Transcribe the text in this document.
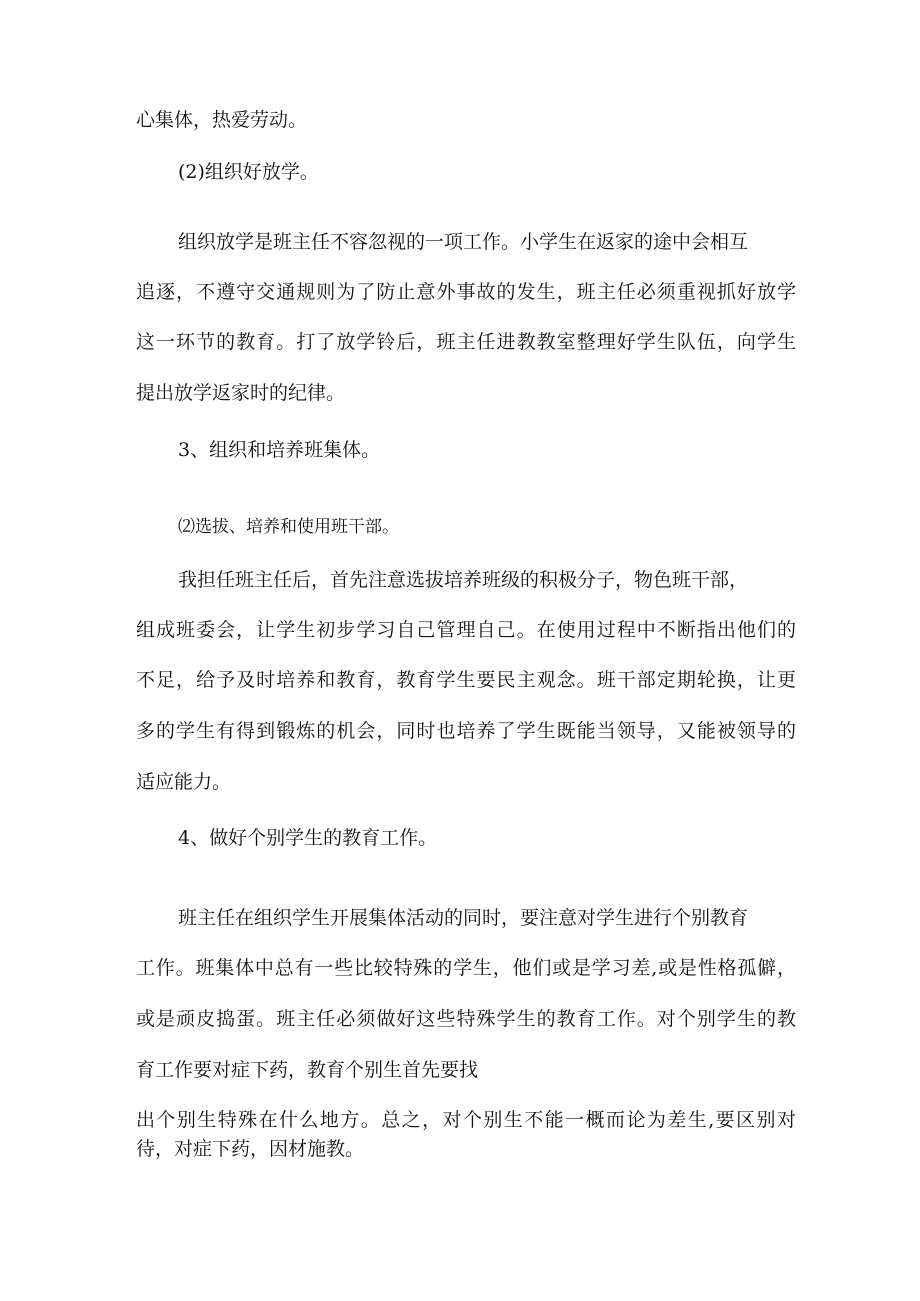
心集体，热爱劳动。
(2)组织好放学。
组织放学是班主任不容忽视的一项工作。小学生在返家的途中会相互
追逐，不遵守交通规则为了防止意外事故的发生，班主任必须重视抓好放学
这一环节的教育。打了放学铃后，班主任进教教室整理好学生队伍，向学生
提出放学返家时的纪律。
3、组织和培养班集体。
⑵选拔、培养和使用班干部。
我担任班主任后，首先注意选拔培养班级的积极分子，物色班干部，
组成班委会，让学生初步学习自己管理自己。在使用过程中不断指出他们的
不足，给予及时培养和教育，教育学生要民主观念。班干部定期轮换，让更
多的学生有得到锻炼的机会，同时也培养了学生既能当领导，又能被领导的
适应能力。
4、做好个别学生的教育工作。
班主任在组织学生开展集体活动的同时，要注意对学生进行个别教育
工作。班集体中总有一些比较特殊的学生，他们或是学习差,或是性格孤僻，
或是顽皮捣蛋。班主任必须做好这些特殊学生的教育工作。对个别学生的教
育工作要对症下药，教育个别生首先要找
出个别生特殊在什么地方。总之，对个别生不能一概而论为差生,要区别对
待，对症下药，因材施教。
